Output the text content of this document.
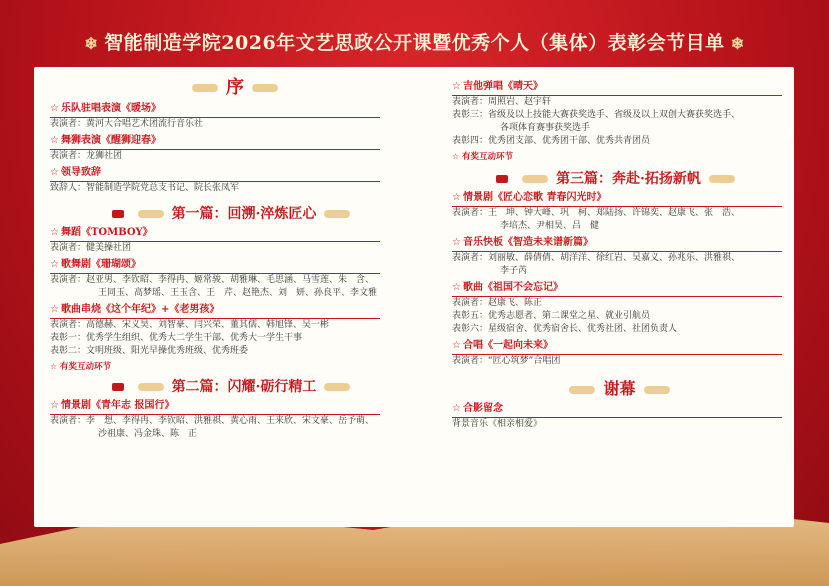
❄ 智能制造学院2026年文艺思政公开课暨优秀个人（集体）表彰会节目单 ❄
序
☆ 乐队驻唱表演《暖场》
表演者：黄河大合唱艺术团流行音乐社
☆ 舞狮表演《醒狮迎春》
表演者：龙狮社团
☆ 领导致辞
致辞人：智能制造学院党总支书记、院长张凤军
第一篇：回溯·淬炼匠心
☆ 舞蹈《TOMBOY》
表演者：健美操社团
☆ 歌舞剧《珊瑚颂》
表演者：赵亚男、李钦昭、李得冉、姬常骏、胡雅琳、毛思涵、马雪莲、朱　含、
王同玉、高梦瑶、王玉含、王　芹、赵艳杰、刘　妍、孙良平、李文雅
☆ 歌曲串烧《这个年纪》+《老男孩》
表演者：高德赫、宋义昊、刘智豪、闫兴荣、董其儒、韩旭锋、吴一彬
表彰一：优秀学生组织、优秀大二学生干部、优秀大一学生干事
表彰二：文明班级、阳光早操优秀班级、优秀班委
☆ 有奖互动环节
第二篇：闪耀·砺行精工
☆ 情景剧《青年志 报国行》
表演者：李　想、李得冉、李钦昭、洪雅祺、黄心雨、王来欣、宋文豪、岳予萌、
沙祖康、冯金珠、陈　正
☆ 吉他弹唱《晴天》
表演者：周照岩、赵宇轩
表彰三：省级及以上技能大赛获奖选手、省级及以上双创大赛获奖选手、
各项体育赛事获奖选手
表彰四：优秀团支部、优秀团干部、优秀共青团员
☆ 有奖互动环节
第三篇：奔赴·拓扬新帆
☆ 情景剧《匠心恋歌 青春闪光时》
表演者：王　坤、钟大峰、巩　柯、郑陆扬、许锦奕、赵康飞、张　浩、
李培杰、尹相昊、吕　健
☆ 音乐快板《智造未来谱新篇》
表演者：刘丽敏、薛倩倩、胡洋洋、徐红岩、吴嘉义、孙兆乐、洪雅祺、
李子芮
☆ 歌曲《祖国不会忘记》
表演者：赵康飞、陈正
表彰五：优秀志愿者、第二课堂之星、就业引航员
表彰六：星级宿舍、优秀宿舍长、优秀社团、社团负责人
☆ 合唱《一起向未来》
表演者：“匠心筑梦”合唱团
谢幕
☆ 合影留念
背景音乐《相亲相爱》
